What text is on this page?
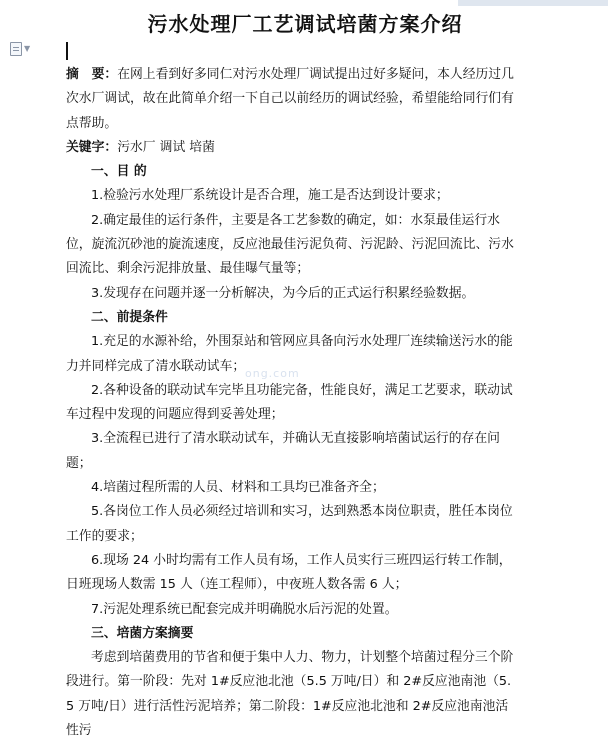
▼
污水处理厂工艺调试培菌方案介绍
ong.com

摘　要：在网上看到好多同仁对污水处理厂调试提出过好多疑问，本人经历过几次水厂调试，故在此简单介绍一下自己以前经历的调试经验，希望能给同行们有点帮助。

关键字：污水厂 调试 培菌

一、目 的

1.检验污水处理厂系统设计是否合理，施工是否达到设计要求；

2.确定最佳的运行条件，主要是各工艺参数的确定，如：水泵最佳运行水位，旋流沉砂池的旋流速度，反应池最佳污泥负荷、污泥龄、污泥回流比、污水回流比、剩余污泥排放量、最佳曝气量等；

3.发现存在问题并逐一分析解决，为今后的正式运行积累经验数据。

二、前提条件

1.充足的水源补给，外围泵站和管网应具备向污水处理厂连续输送污水的能力并同样完成了清水联动试车；

2.各种设备的联动试车完毕且功能完备，性能良好，满足工艺要求，联动试车过程中发现的问题应得到妥善处理；

3.全流程已进行了清水联动试车，并确认无直接影响培菌试运行的存在问题；

4.培菌过程所需的人员、材料和工具均已准备齐全；

5.各岗位工作人员必须经过培训和实习，达到熟悉本岗位职责，胜任本岗位工作的要求；

6.现场 24 小时均需有工作人员有场，工作人员实行三班四运行转工作制，日班现场人数需 15 人（连工程师），中夜班人数各需 6 人；

7.污泥处理系统已配套完成并明确脱水后污泥的处置。

三、培菌方案摘要

考虑到培菌费用的节省和便于集中人力、物力，计划整个培菌过程分三个阶段进行。第一阶段：先对 1#反应池北池（5.5 万吨/日）和 2#反应池南池（5.5 万吨/日）进行活性污泥培养；第二阶段：1#反应池北池和 2#反应池南池活性污
